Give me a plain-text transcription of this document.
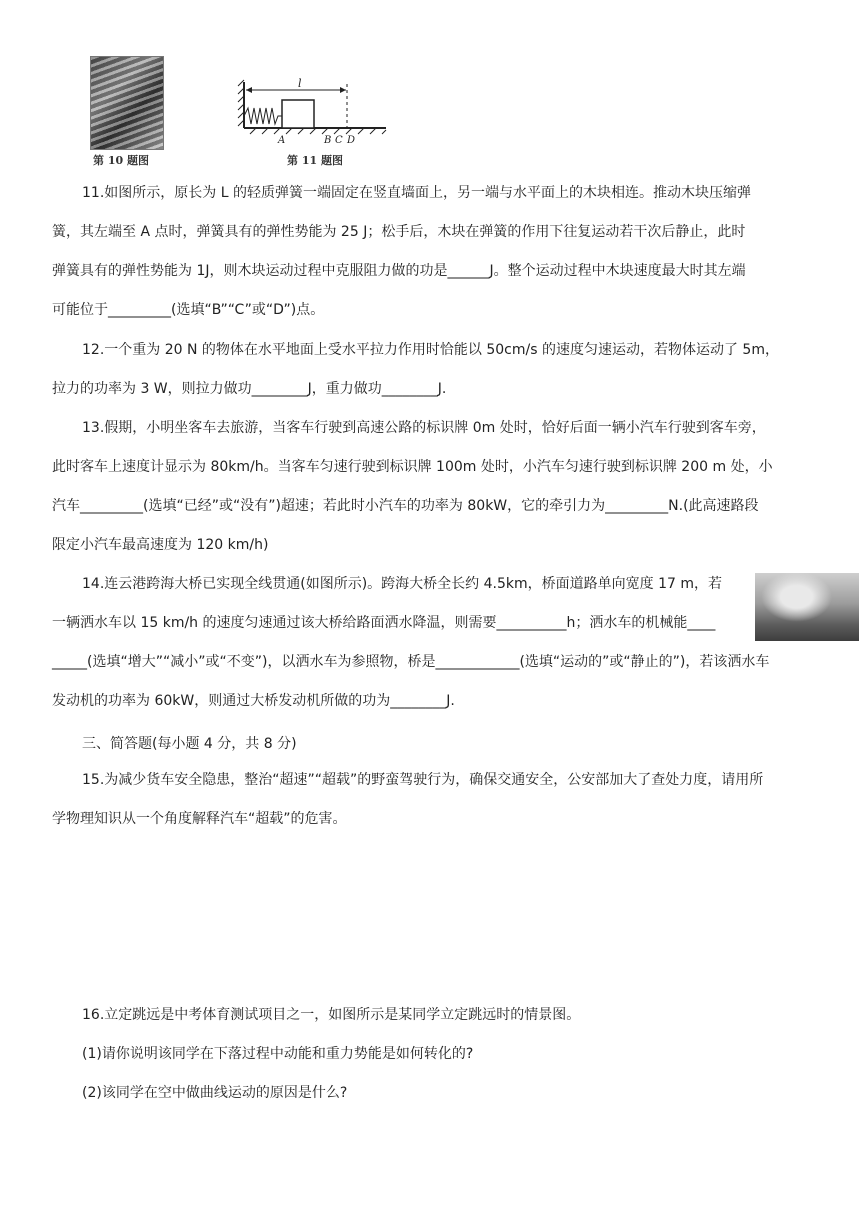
第 10 题图
l
A	B C D
第 11 题图
11.如图所示，原长为 L 的轻质弹簧一端固定在竖直墙面上，另一端与水平面上的木块相连。推动木块压缩弹
簧，其左端至 A 点时，弹簧具有的弹性势能为 25 J；松手后，木块在弹簧的作用下往复运动若干次后静止，此时
弹簧具有的弹性势能为 1J，则木块运动过程中克服阻力做的功是______J。整个运动过程中木块速度最大时其左端
可能位于_________(选填“B”“C”或“D”)点。
12.一个重为 20 N 的物体在水平地面上受水平拉力作用时恰能以 50cm/s 的速度匀速运动，若物体运动了 5m，
拉力的功率为 3 W，则拉力做功________J，重力做功________J.
13.假期，小明坐客车去旅游，当客车行驶到高速公路的标识牌 0m 处时，恰好后面一辆小汽车行驶到客车旁，
此时客车上速度计显示为 80km/h。当客车匀速行驶到标识牌 100m 处时，小汽车匀速行驶到标识牌 200 m 处，小
汽车_________(选填“已经”或“没有”)超速；若此时小汽车的功率为 80kW，它的牵引力为_________N.(此高速路段
限定小汽车最高速度为 120 km/h)
14.连云港跨海大桥已实现全线贯通(如图所示)。跨海大桥全长约 4.5km，桥面道路单向宽度 17 m，若
一辆洒水车以 15 km/h 的速度匀速通过该大桥给路面洒水降温，则需要__________h；洒水车的机械能____
_____(选填“增大”“减小”或“不变”)，以洒水车为参照物，桥是____________(选填“运动的”或“静止的”)，若该洒水车
发动机的功率为 60kW，则通过大桥发动机所做的功为________J.
三、简答题(每小题 4 分，共 8 分)
15.为减少货车安全隐患，整治“超速”“超载”的野蛮驾驶行为，确保交通安全，公安部加大了查处力度，请用所
学物理知识从一个角度解释汽车“超载”的危害。
16.立定跳远是中考体育测试项目之一，如图所示是某同学立定跳远时的情景图。
(1)请你说明该同学在下落过程中动能和重力势能是如何转化的?
(2)该同学在空中做曲线运动的原因是什么?
